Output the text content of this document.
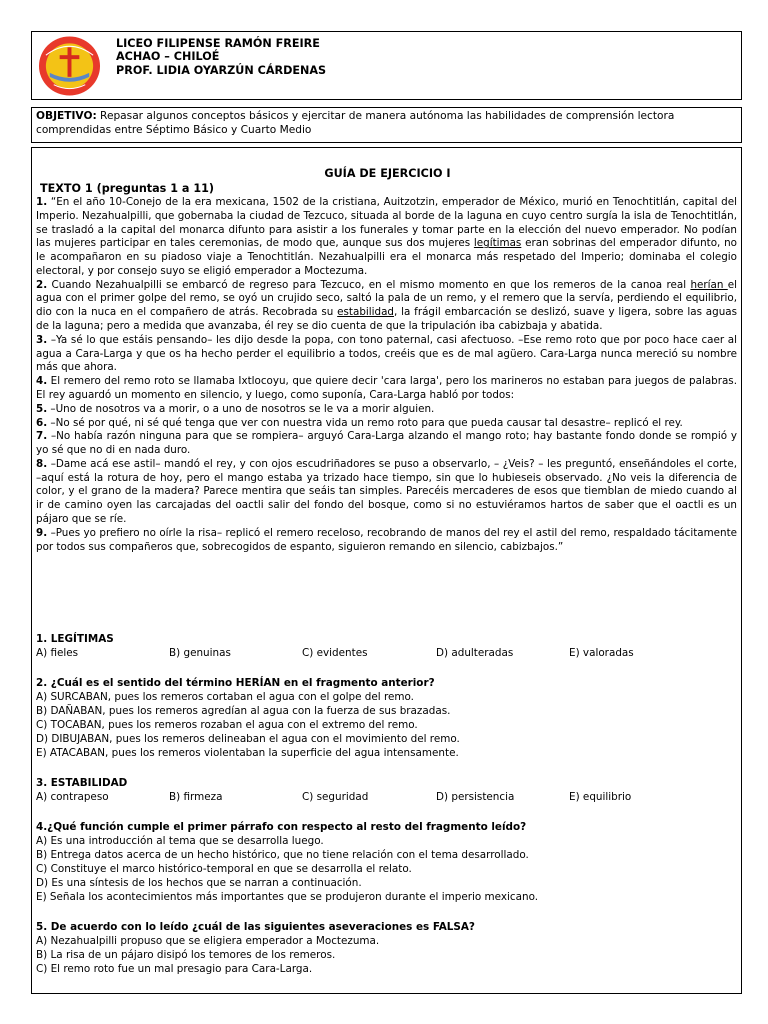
LICEO FILIPENSE RAMÓN FREIRE
ACHAO – CHILOÉ
PROF. LIDIA OYARZÚN CÁRDENAS
OBJETIVO: Repasar algunos conceptos básicos y ejercitar de manera autónoma las habilidades de comprensión lectora comprendidas entre Séptimo Básico y Cuarto Medio
GUÍA DE EJERCICIO I
TEXTO 1 (preguntas 1 a 11)

1. “En el año 10-Conejo de la era mexicana, 1502 de la cristiana, Auitzotzin, emperador de México, murió en Tenochtitlán, capital del Imperio. Nezahualpilli, que gobernaba la ciudad de Tezcuco, situada al borde de la laguna en cuyo centro surgía la isla de Tenochtitlán, se trasladó a la capital del monarca difunto para asistir a los funerales y tomar parte en la elección del nuevo emperador. No podían las mujeres participar en tales ceremonias, de modo que, aunque sus dos mujeres legítimas eran sobrinas del emperador difunto, no le acompañaron en su piadoso viaje a Tenochtitlán. Nezahualpilli era el monarca más respetado del Imperio; dominaba el colegio electoral, y por consejo suyo se eligió emperador a Moctezuma.

2. Cuando Nezahualpilli se embarcó de regreso para Tezcuco, en el mismo momento en que los remeros de la canoa real herían el agua con el primer golpe del remo, se oyó un crujido seco, saltó la pala de un remo, y el remero que la servía, perdiendo el equilibrio, dio con la nuca en el compañero de atrás. Recobrada su estabilidad, la frágil embarcación se deslizó, suave y ligera, sobre las aguas de la laguna; pero a medida que avanzaba, él rey se dio cuenta de que la tripulación iba cabizbaja y abatida.

3. –Ya sé lo que estáis pensando– les dijo desde la popa, con tono paternal, casi afectuoso. –Ese remo roto que por poco hace caer al agua a Cara-Larga y que os ha hecho perder el equilibrio a todos, creéis que es de mal agüero. Cara-Larga nunca mereció su nombre más que ahora.

4. El remero del remo roto se llamaba Ixtlocoyu, que quiere decir 'cara larga', pero los marineros no estaban para juegos de palabras. El rey aguardó un momento en silencio, y luego, como suponía, Cara-Larga habló por todos:

5. –Uno de nosotros va a morir, o a uno de nosotros se le va a morir alguien.

6. –No sé por qué, ni sé qué tenga que ver con nuestra vida un remo roto para que pueda causar tal desastre– replicó el rey.

7. –No había razón ninguna para que se rompiera– arguyó Cara-Larga alzando el mango roto; hay bastante fondo donde se rompió y yo sé que no di en nada duro.

8. –Dame acá ese astil– mandó el rey, y con ojos escudriñadores se puso a observarlo, – ¿Veis? – les preguntó, enseñándoles el corte, –aquí está la rotura de hoy, pero el mango estaba ya trizado hace tiempo, sin que lo hubieseis observado. ¿No veis la diferencia de color, y el grano de la madera? Parece mentira que seáis tan simples. Parecéis mercaderes de esos que tiemblan de miedo cuando al ir de camino oyen las carcajadas del oactli salir del fondo del bosque, como si no estuviéramos hartos de saber que el oactli es un pájaro que se ríe.

9. –Pues yo prefiero no oírle la risa– replicó el remero receloso, recobrando de manos del rey el astil del remo, respaldado tácitamente por todos sus compañeros que, sobrecogidos de espanto, siguieron remando en silencio, cabizbajos.”

1. LEGÍTIMAS
A) fieles	B) genuinas	C) evidentes	D) adulteradas	E) valoradas
2. ¿Cuál es el sentido del término HERÍAN en el fragmento anterior?
A) SURCABAN, pues los remeros cortaban el agua con el golpe del remo.
B) DAÑABAN, pues los remeros agredían al agua con la fuerza de sus brazadas.
C) TOCABAN, pues los remeros rozaban el agua con el extremo del remo.
D) DIBUJABAN, pues los remeros delineaban el agua con el movimiento del remo.
E) ATACABAN, pues los remeros violentaban la superficie del agua intensamente.
3. ESTABILIDAD
A) contrapeso	B) firmeza	C) seguridad	D) persistencia	E) equilibrio
4.¿Qué función cumple el primer párrafo con respecto al resto del fragmento leído?
A) Es una introducción al tema que se desarrolla luego.
B) Entrega datos acerca de un hecho histórico, que no tiene relación con el tema desarrollado.
C) Constituye el marco histórico-temporal en que se desarrolla el relato.
D) Es una síntesis de los hechos que se narran a continuación.
E) Señala los acontecimientos más importantes que se produjeron durante el imperio mexicano.
5. De acuerdo con lo leído ¿cuál de las siguientes aseveraciones es FALSA?
A) Nezahualpilli propuso que se eligiera emperador a Moctezuma.
B) La risa de un pájaro disipó los temores de los remeros.
C) El remo roto fue un mal presagio para Cara-Larga.
